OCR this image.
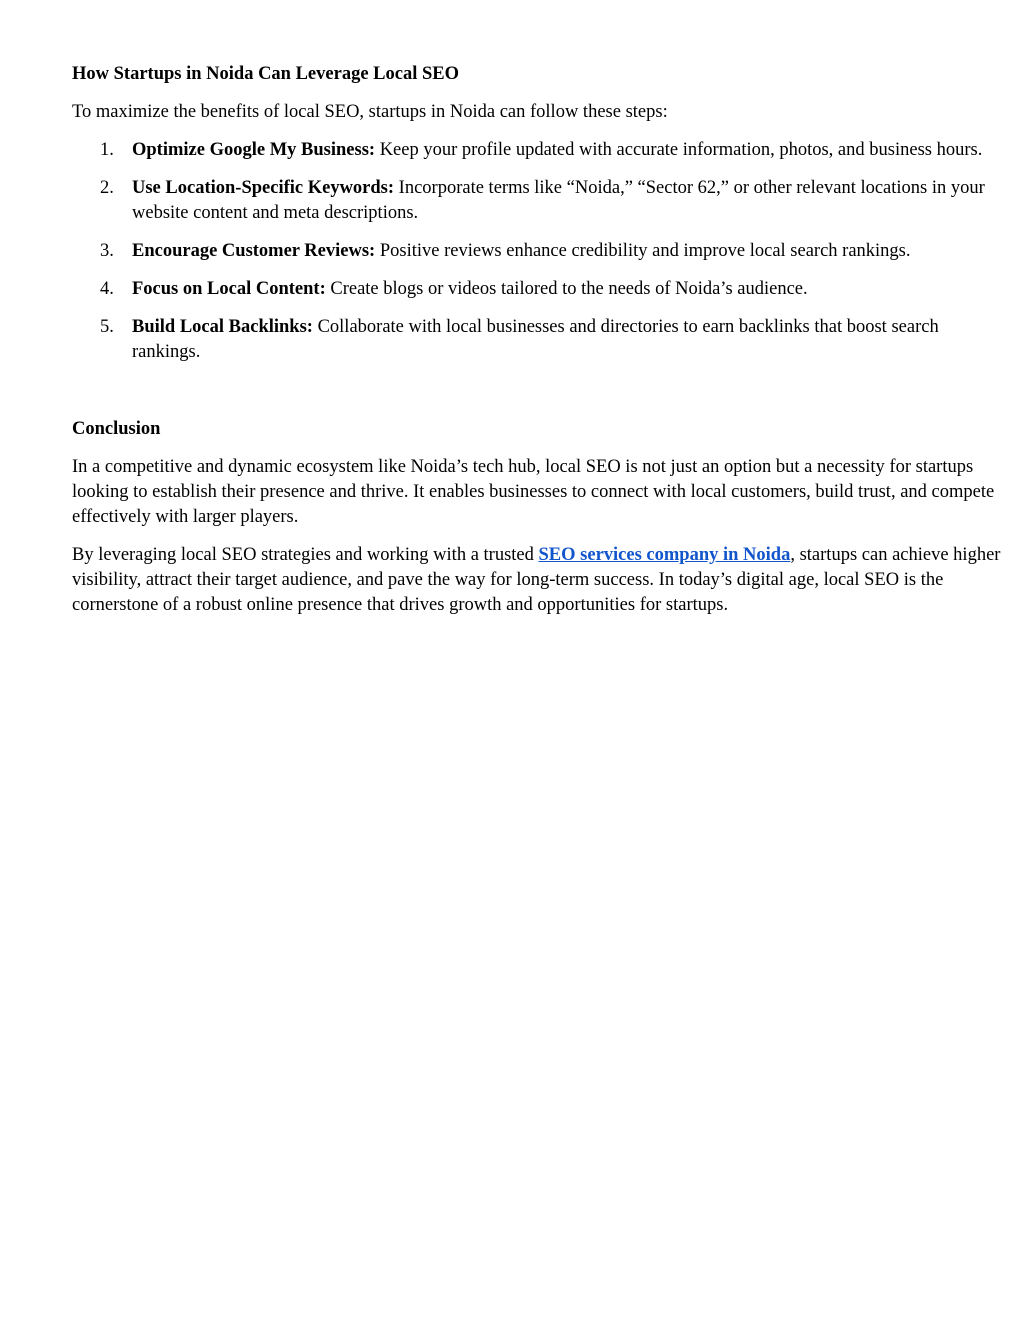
How Startups in Noida Can Leverage Local SEO

To maximize the benefits of local SEO, startups in Noida can follow these steps:

1. Optimize Google My Business: Keep your profile updated with accurate information, photos, and business hours.
2. Use Location-Specific Keywords: Incorporate terms like “Noida,” “Sector 62,” or other relevant locations in your website content and meta descriptions.
3. Encourage Customer Reviews: Positive reviews enhance credibility and improve local search rankings.
4. Focus on Local Content: Create blogs or videos tailored to the needs of Noida’s audience.
5. Build Local Backlinks: Collaborate with local businesses and directories to earn backlinks that boost search rankings.
Conclusion

In a competitive and dynamic ecosystem like Noida’s tech hub, local SEO is not just an option but a necessity for startups looking to establish their presence and thrive. It enables businesses to connect with local customers, build trust, and compete effectively with larger players.

By leveraging local SEO strategies and working with a trusted SEO services company in Noida, startups can achieve higher visibility, attract their target audience, and pave the way for long-term success. In today’s digital age, local SEO is the cornerstone of a robust online presence that drives growth and opportunities for startups.
